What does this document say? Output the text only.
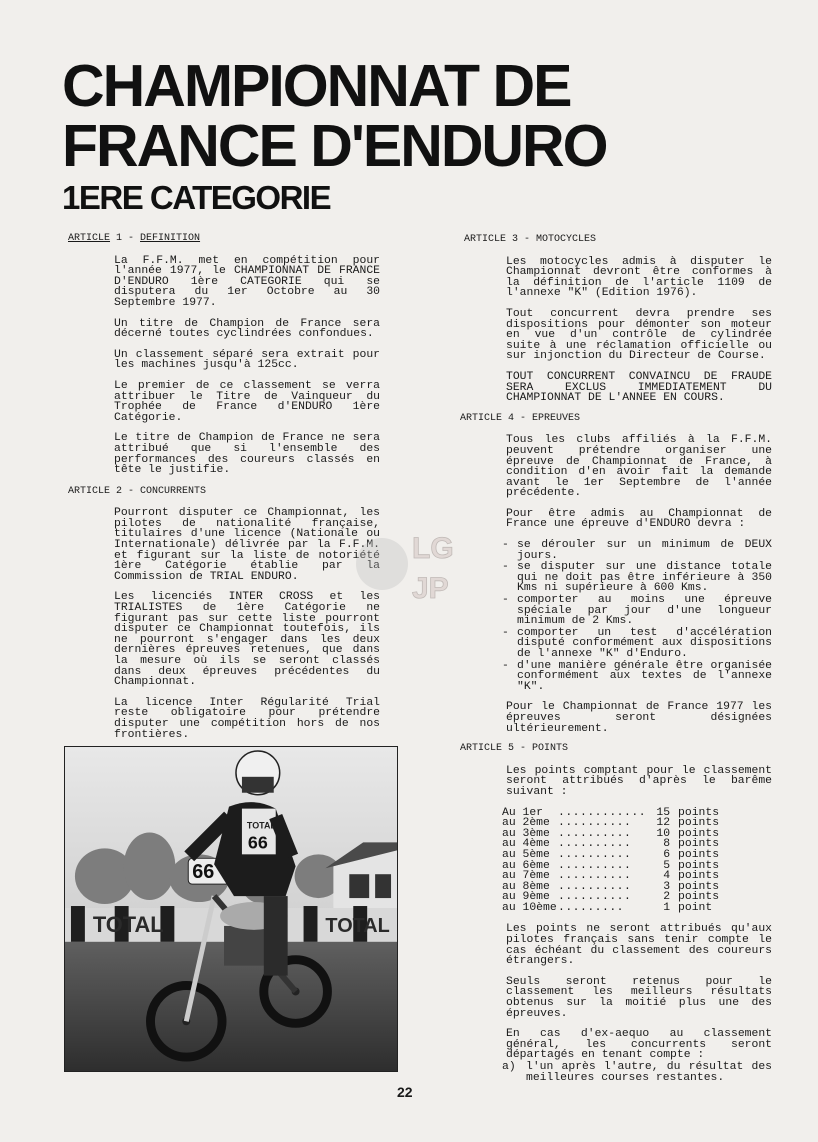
CHAMPIONNAT DE
FRANCE D'ENDURO
1ERE CATEGORIE

ARTICLE 1 - DEFINITION

La F.F.M. met en compétition pour l'année 1977, le CHAMPIONNAT DE FRANCE D'ENDURO 1ère CATEGORIE qui se disputera du 1er Octobre au 30 Septembre 1977.

Un titre de Champion de France sera décerné toutes cyclindrées confondues.

Un classement séparé sera extrait pour les machines jusqu'à 125cc.

Le premier de ce classement se verra attribuer le Titre de Vainqueur du Trophée de France d'ENDURO 1ère Catégorie.

Le titre de Champion de France ne sera attribué que si l'ensemble des performances des coureurs classés en tête le justifie.

ARTICLE 2 - CONCURRENTS

Pourront disputer ce Championnat, les pilotes de nationalité française, titulaires d'une licence (Nationale ou Internationale) délivrée par la F.F.M. et figurant sur la liste de notoriété 1ère Catégorie établie par la Commission de TRIAL ENDURO.

Les licenciés INTER CROSS et les TRIALISTES de 1ère Catégorie ne figurant pas sur cette liste pourront disputer ce Championnat toutefois, ils ne pourront s'engager dans les deux dernières épreuves retenues, que dans la mesure où ils se seront classés dans deux épreuves précédentes du Championnat.

La licence Inter Régularité Trial reste obligatoire pour prétendre disputer une compétition hors de nos frontières.

ARTICLE 3 - MOTOCYCLES

Les motocycles admis à disputer le Championnat devront être conformes à la définition de l'article 1109 de l'annexe "K" (Edition 1976).

Tout concurrent devra prendre ses dispositions pour démonter son moteur en vue d'un contrôle de cylindrée suite à une réclamation officielle ou sur injonction du Directeur de Course.

TOUT CONCURRENT CONVAINCU DE FRAUDE SERA EXCLUS IMMEDIATEMENT DU CHAMPIONNAT DE L'ANNEE EN COURS.

ARTICLE 4 - EPREUVES

Tous les clubs affiliés à la F.F.M. peuvent prétendre organiser une épreuve de Championnat de France, à condition d'en avoir fait la demande avant le 1er Septembre de l'année précédente.

Pour être admis au Championnat de France une épreuve d'ENDURO devra :

- se dérouler sur un minimum de DEUX jours.
- se disputer sur une distance totale qui ne doit pas être inférieure à 350 Kms ni supérieure à 600 Kms.
- comporter au moins une épreuve spéciale par jour d'une longueur minimum de 2 Kms.
- comporter un test d'accélération disputé conformément aux dispositions de l'annexe "K" d'Enduro.
- d'une manière générale être organisée conformément aux textes de l'annexe "K".

Pour le Championnat de France 1977 les épreuves seront désignées ultérieurement.

ARTICLE 5 - POINTS

Les points comptant pour le classement seront attribués d'après le barême suivant :

Au 1er	............	15	points
au 2ème	..........	12	points
au 3ème	..........	10	points
au 4ème	..........	8	points
au 5ème	..........	6	points
au 6ème	..........	5	points
au 7ème	..........	4	points
au 8ème	..........	3	points
au 9ème	..........	2	points
au 10ème	.........	1	point

Les points ne seront attribués qu'aux pilotes français sans tenir compte le cas échéant du classement des coureurs étrangers.

Seuls seront retenus pour le classement les meilleurs résultats obtenus sur la moitié plus une des épreuves.

En cas d'ex-aequo au classement général, les concurrents seront départagés en tenant compte :

a) l'un après l'autre, du résultat des meilleures courses restantes.
TOTAL	TOTAL
66
TOTAL
66
LG
JP

22
